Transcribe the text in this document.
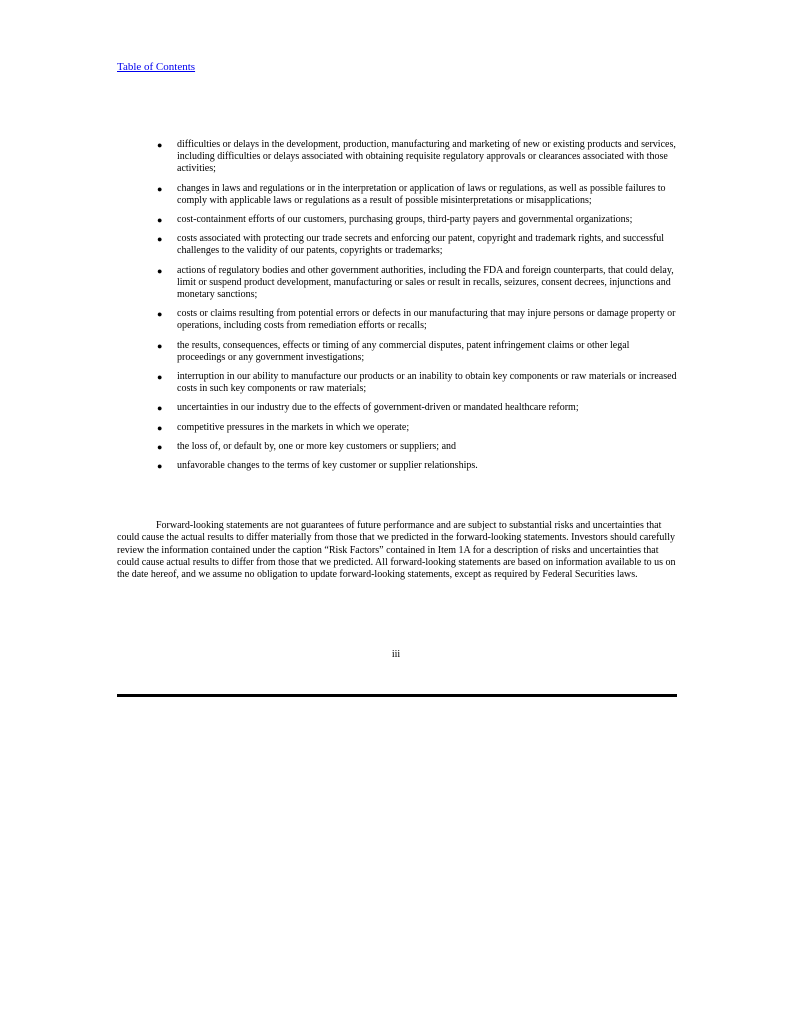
Table of Contents
● difficulties or delays in the development, production, manufacturing and marketing of new or existing products and services, including difficulties or delays associated with obtaining requisite regulatory approvals or clearances associated with those activities;
● changes in laws and regulations or in the interpretation or application of laws or regulations, as well as possible failures to comply with applicable laws or regulations as a result of possible misinterpretations or misapplications;
● cost-containment efforts of our customers, purchasing groups, third-party payers and governmental organizations;
● costs associated with protecting our trade secrets and enforcing our patent, copyright and trademark rights, and successful challenges to the validity of our patents, copyrights or trademarks;
● actions of regulatory bodies and other government authorities, including the FDA and foreign counterparts, that could delay, limit or suspend product development, manufacturing or sales or result in recalls, seizures, consent decrees, injunctions and monetary sanctions;
● costs or claims resulting from potential errors or defects in our manufacturing that may injure persons or damage property or operations, including costs from remediation efforts or recalls;
● the results, consequences, effects or timing of any commercial disputes, patent infringement claims or other legal proceedings or any government investigations;
● interruption in our ability to manufacture our products or an inability to obtain key components or raw materials or increased costs in such key components or raw materials;
● uncertainties in our industry due to the effects of government-driven or mandated healthcare reform;
● competitive pressures in the markets in which we operate;
● the loss of, or default by, one or more key customers or suppliers; and
● unfavorable changes to the terms of key customer or supplier relationships.

Forward-looking statements are not guarantees of future performance and are subject to substantial risks and uncertainties that could cause the actual results to differ materially from those that we predicted in the forward-looking statements. Investors should carefully review the information contained under the caption “Risk Factors” contained in Item 1A for a description of risks and uncertainties that could cause actual results to differ from those that we predicted. All forward-looking statements are based on information available to us on the date hereof, and we assume no obligation to update forward-looking statements, except as required by Federal Securities laws.

iii
